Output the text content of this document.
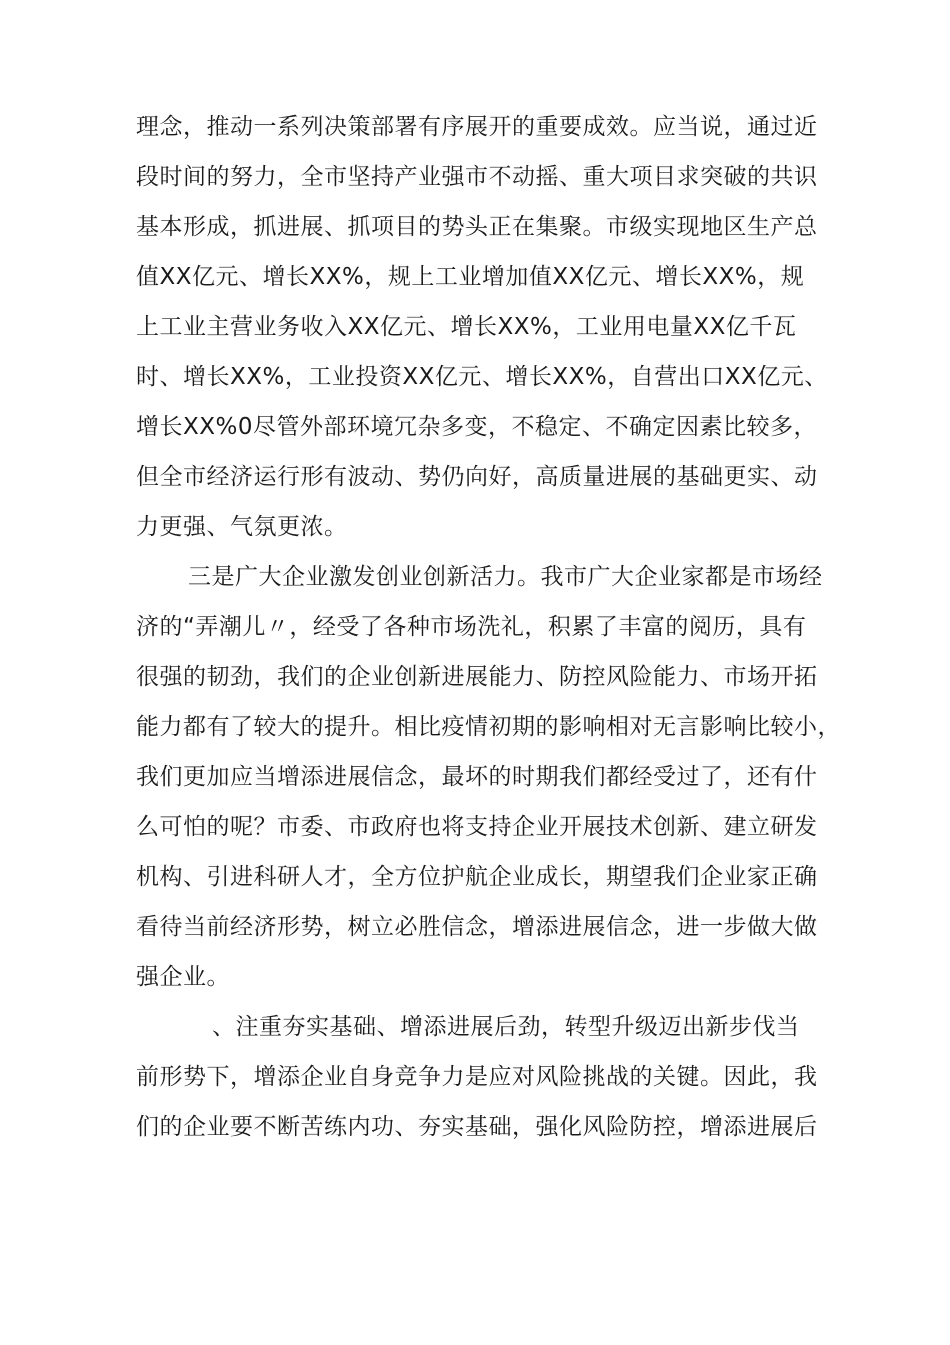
理念，推动一系列决策部署有序展开的重要成效。应当说，通过近
段时间的努力，全市坚持产业强市不动摇、重大项目求突破的共识
基本形成，抓进展、抓项目的势头正在集聚。市级实现地区生产总
值XX亿元、增长XX%，规上工业增加值XX亿元、增长XX%，规
上工业主营业务收入XX亿元、增长XX%，工业用电量XX亿千瓦
时、增长XX%，工业投资XX亿元、增长XX%，自营出口XX亿元、
增长XX%0尽管外部环境冗杂多变，不稳定、不确定因素比较多，
但全市经济运行形有波动、势仍向好，高质量进展的基础更实、动
力更强、气氛更浓。
三是广大企业激发创业创新活力。我市广大企业家都是市场经
济的“弄潮儿〃，经受了各种市场洗礼，积累了丰富的阅历，具有
很强的韧劲，我们的企业创新进展能力、防控风险能力、市场开拓
能力都有了较大的提升。相比疫情初期的影响相对无言影响比较小，
我们更加应当增添进展信念，最坏的时期我们都经受过了，还有什
么可怕的呢？市委、市政府也将支持企业开展技术创新、建立研发
机构、引进科研人才，全方位护航企业成长，期望我们企业家正确
看待当前经济形势，树立必胜信念，增添进展信念，进一步做大做
强企业。
、注重夯实基础、增添进展后劲，转型升级迈出新步伐当
前形势下，增添企业自身竞争力是应对风险挑战的关键。因此，我
们的企业要不断苦练内功、夯实基础，强化风险防控，增添进展后
